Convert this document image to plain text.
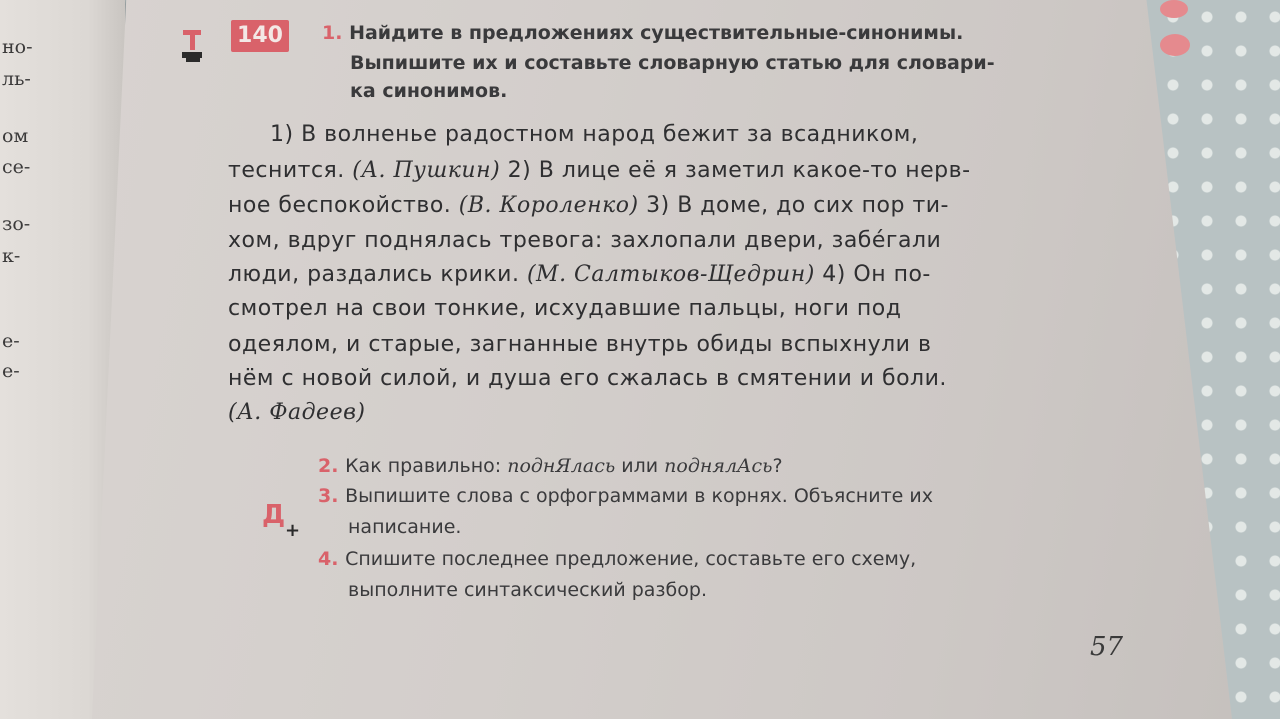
но-
ль-
ом
се-
зо-
к-
е-
е-
140	1. Найдите в предложениях существительные-синонимы.
Выпишите их и составьте словарную статью для словари-
ка синонимов.
1) В волненье радостном народ бежит за всадником,
теснится. (А. Пушкин) 2) В лице её я заметил какое-то нерв-
ное беспокойство. (В. Короленко) 3) В доме, до сих пор ти-
хом, вдруг поднялась тревога: захлопали двери, забéгали
люди, раздались крики. (М. Салтыков-Щедрин) 4) Он по-
смотрел на свои тонкие, исхудавшие пальцы, ноги под
одеялом, и старые, загнанные внутрь обиды вспыхнули в
нём с новой силой, и душа его сжалась в смятении и боли.
(А. Фадеев)
2. Как правильно: поднЯлась или поднялАсь?
3. Выпишите слова с орфограммами в корнях. Объясните их
написание.
4. Спишите последнее предложение, составьте его схему,
выполните синтаксический разбор.
Д
+
57
